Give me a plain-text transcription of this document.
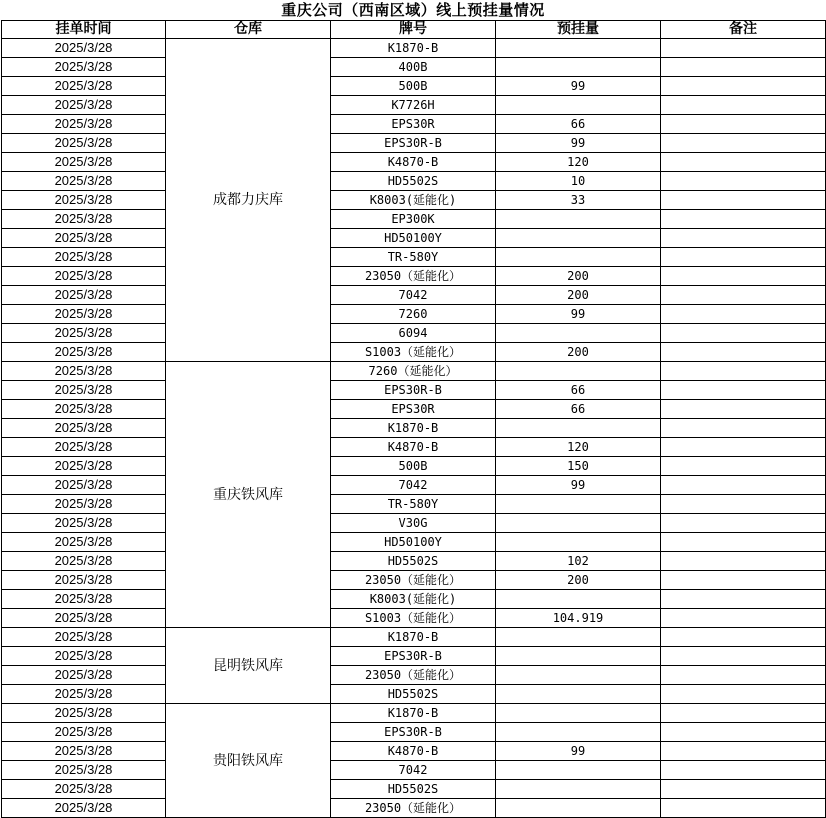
重庆公司（西南区域）线上预挂量情况
挂单时间	仓库	牌号	预挂量	备注
2025/3/28	成都力庆库	K1870-B		
2025/3/28		400B		
2025/3/28		500B	99	
2025/3/28		K7726H		
2025/3/28		EPS30R	66	
2025/3/28		EPS30R-B	99	
2025/3/28		K4870-B	120	
2025/3/28		HD5502S	10	
2025/3/28		K8003(延能化)	33	
2025/3/28		EP300K		
2025/3/28		HD50100Y		
2025/3/28		TR-580Y		
2025/3/28		23050（延能化）	200	
2025/3/28		7042	200	
2025/3/28		7260	99	
2025/3/28		6094		
2025/3/28		S1003（延能化）	200	
2025/3/28	重庆铁风库	7260（延能化）		
2025/3/28		EPS30R-B	66	
2025/3/28		EPS30R	66	
2025/3/28		K1870-B		
2025/3/28		K4870-B	120	
2025/3/28		500B	150	
2025/3/28		7042	99	
2025/3/28		TR-580Y		
2025/3/28		V30G		
2025/3/28		HD50100Y		
2025/3/28		HD5502S	102	
2025/3/28		23050（延能化）	200	
2025/3/28		K8003(延能化)		
2025/3/28		S1003（延能化）	104.919	
2025/3/28	昆明铁风库	K1870-B		
2025/3/28		EPS30R-B		
2025/3/28		23050（延能化）		
2025/3/28		HD5502S		
2025/3/28	贵阳铁风库	K1870-B		
2025/3/28		EPS30R-B		
2025/3/28		K4870-B	99	
2025/3/28		7042		
2025/3/28		HD5502S		
2025/3/28		23050（延能化）		
